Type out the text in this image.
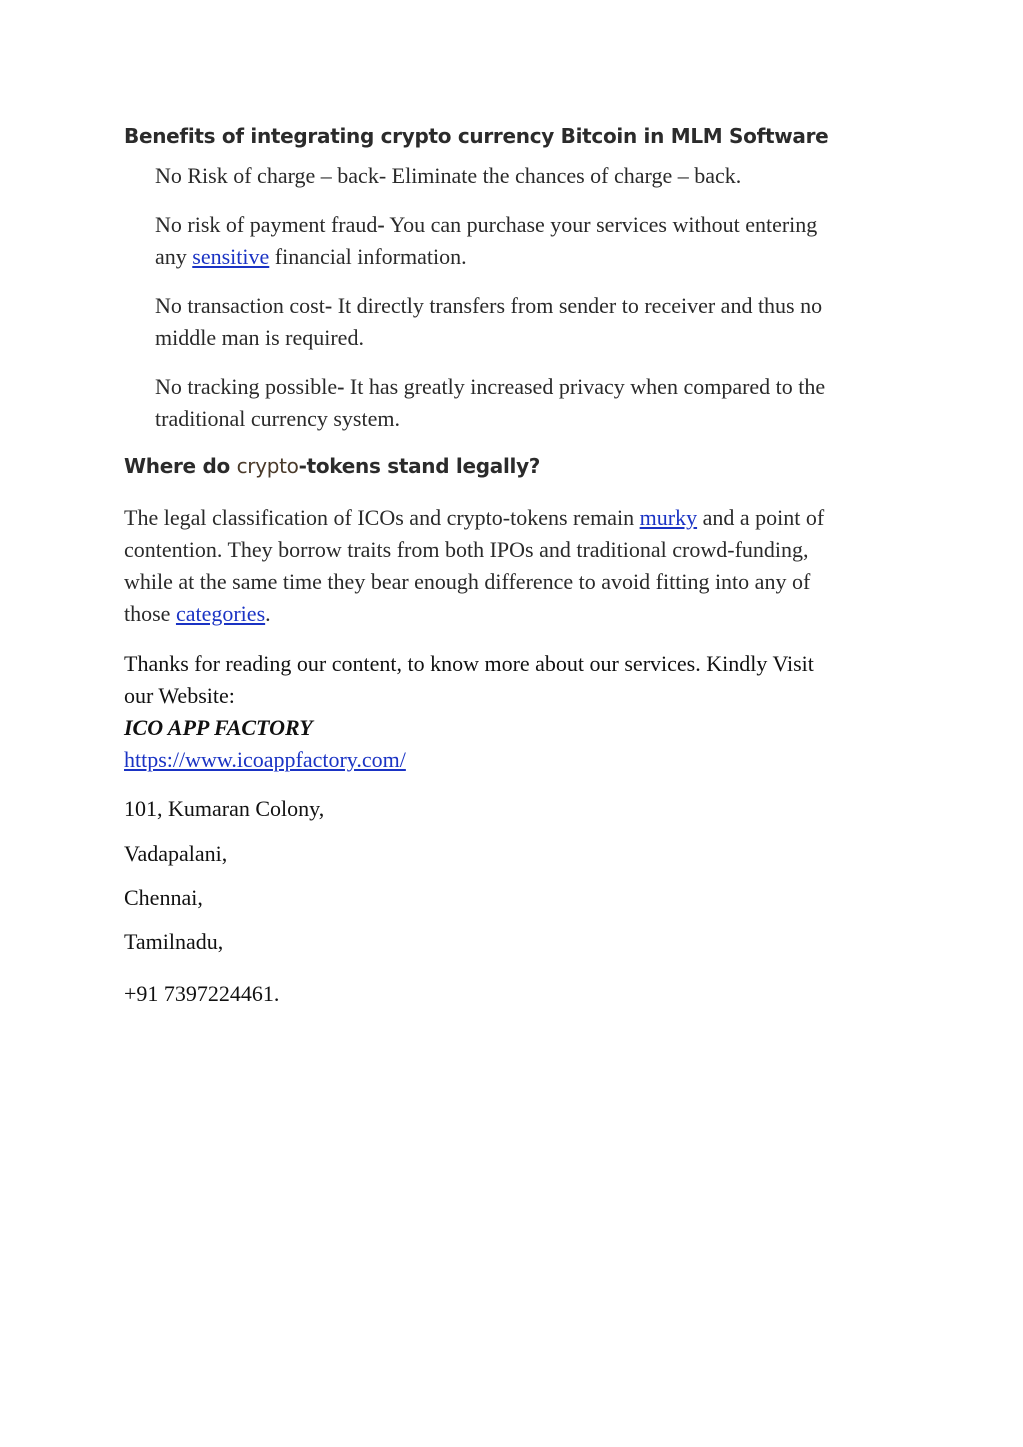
Benefits of integrating crypto currency Bitcoin in MLM Software
No Risk of charge – back- Eliminate the chances of charge – back.
No risk of payment fraud- You can purchase your services without entering
any sensitive financial information.
No transaction cost- It directly transfers from sender to receiver and thus no
middle man is required.
No tracking possible- It has greatly increased privacy when compared to the
traditional currency system.
Where do crypto-tokens stand legally?
The legal classification of ICOs and crypto-tokens remain murky and a point of
contention. They borrow traits from both IPOs and traditional crowd-funding,
while at the same time they bear enough difference to avoid fitting into any of
those categories.
Thanks for reading our content, to know more about our services. Kindly Visit
our Website:
ICO APP FACTORY
https://www.icoappfactory.com/
101, Kumaran Colony,
Vadapalani,
Chennai,
Tamilnadu,
+91 7397224461.
